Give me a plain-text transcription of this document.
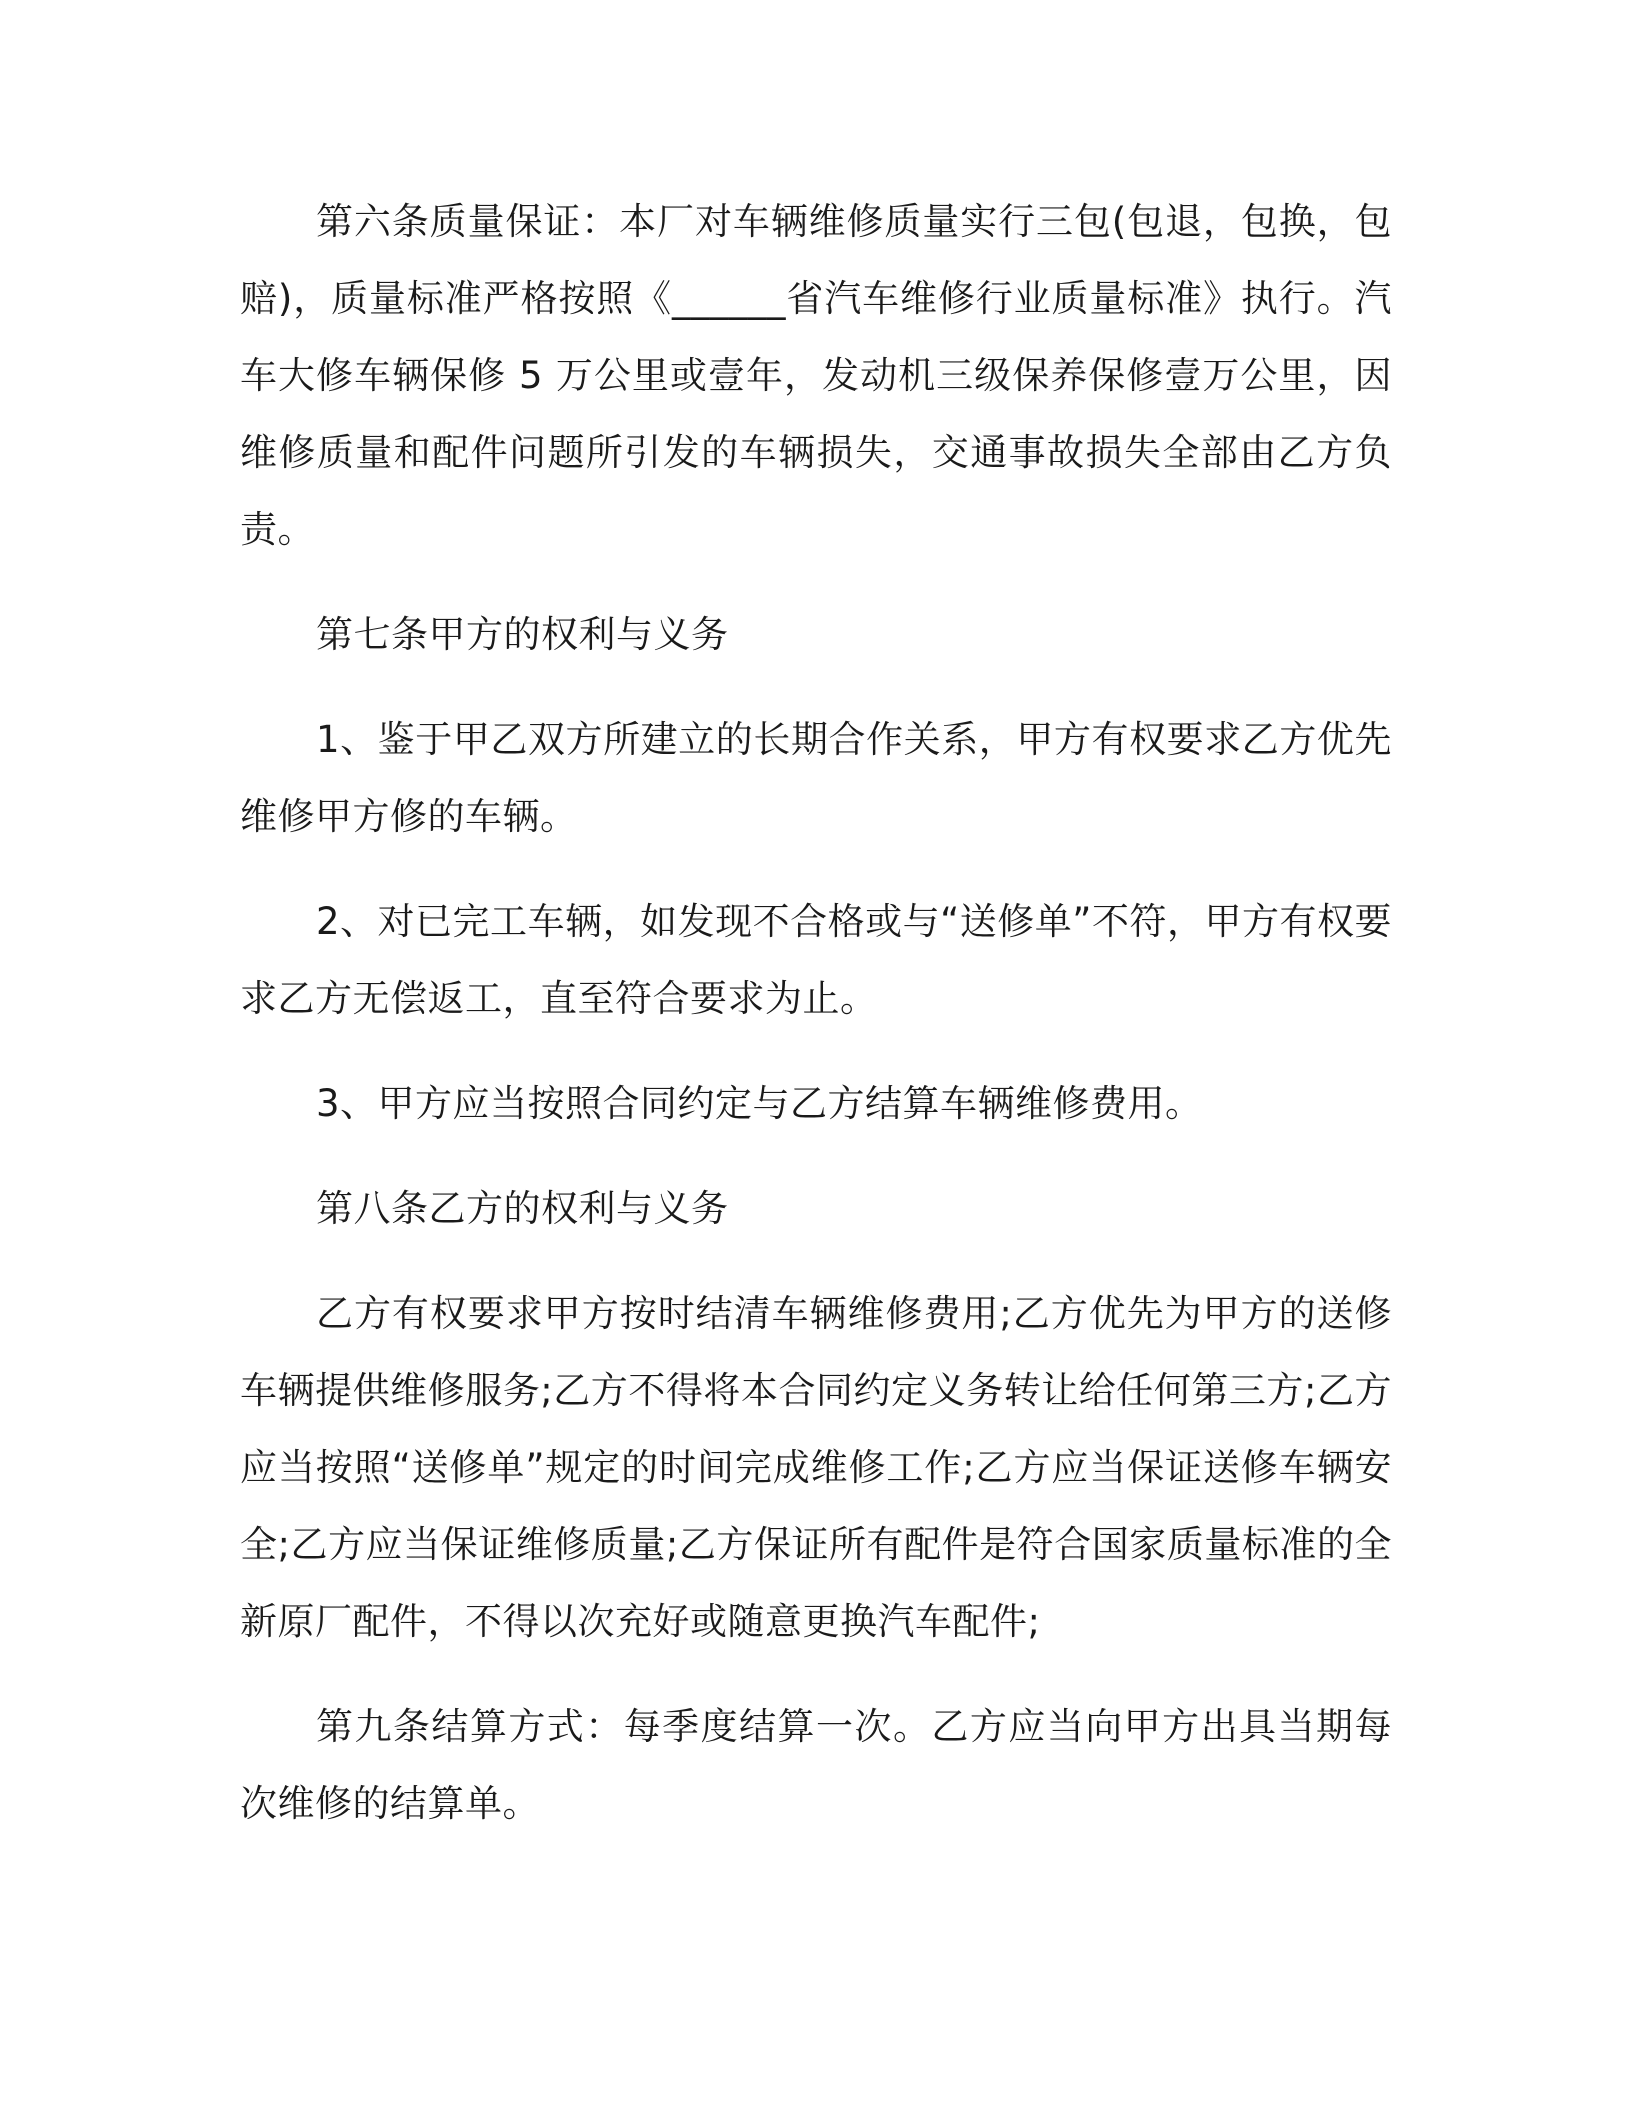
第六条质量保证：本厂对车辆维修质量实行三包(包退，包换，包赔)，质量标准严格按照《______省汽车维修行业质量标准》执行。汽车大修车辆保修 5 万公里或壹年，发动机三级保养保修壹万公里，因维修质量和配件问题所引发的车辆损失，交通事故损失全部由乙方负责。

第七条甲方的权利与义务

1、鉴于甲乙双方所建立的长期合作关系，甲方有权要求乙方优先维修甲方修的车辆。

2、对已完工车辆，如发现不合格或与“送修单”不符，甲方有权要求乙方无偿返工，直至符合要求为止。

3、甲方应当按照合同约定与乙方结算车辆维修费用。

第八条乙方的权利与义务

乙方有权要求甲方按时结清车辆维修费用;乙方优先为甲方的送修车辆提供维修服务;乙方不得将本合同约定义务转让给任何第三方;乙方应当按照“送修单”规定的时间完成维修工作;乙方应当保证送修车辆安全;乙方应当保证维修质量;乙方保证所有配件是符合国家质量标准的全新原厂配件，不得以次充好或随意更换汽车配件;

第九条结算方式：每季度结算一次。乙方应当向甲方出具当期每次维修的结算单。
